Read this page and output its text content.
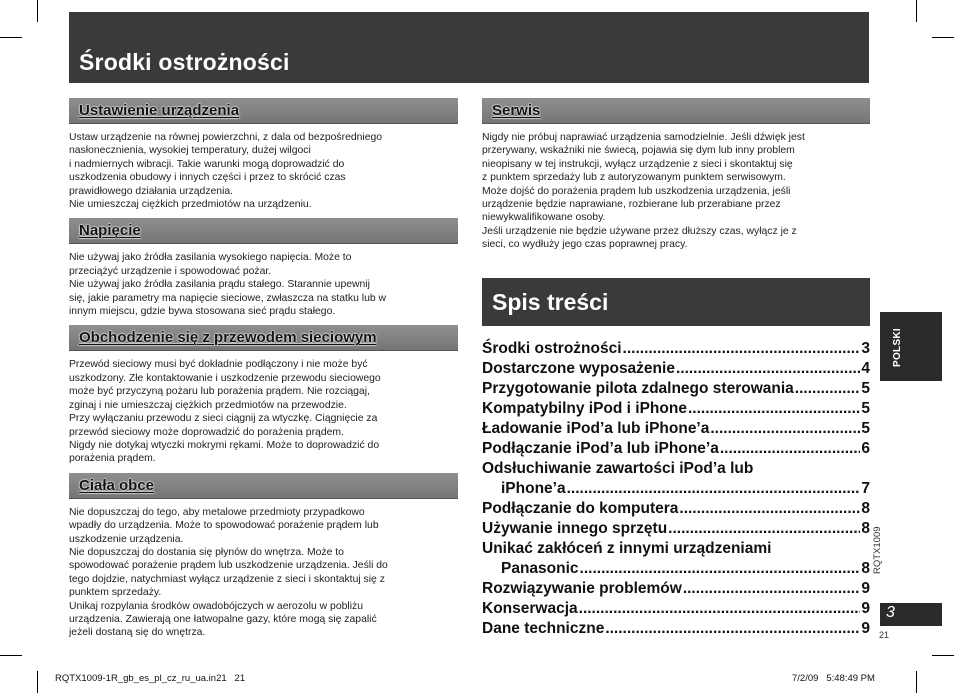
Środki ostrożności
Ustawienie urządzenia

Ustaw urządzenie na równej powierzchni, z dala od bezpośredniego
nasłonecznienia, wysokiej temperatury, dużej wilgoci
i nadmiernych wibracji. Takie warunki mogą doprowadzić do
uszkodzenia obudowy i innych części i przez to skrócić czas
prawidłowego działania urządzenia.
Nie umieszczaj ciężkich przedmiotów na urządzeniu.

Napięcie

Nie używaj jako źródła zasilania wysokiego napięcia. Może to
przeciążyć urządzenie i spowodować pożar.
Nie używaj jako źródła zasilania prądu stałego. Starannie upewnij
się, jakie parametry ma napięcie sieciowe, zwłaszcza na statku lub w
innym miejscu, gdzie bywa stosowana sieć prądu stałego.

Obchodzenie się z przewodem sieciowym

Przewód sieciowy musi być dokładnie podłączony i nie może być
uszkodzony. Złe kontaktowanie i uszkodzenie przewodu sieciowego
może być przyczyną pożaru lub porażenia prądem. Nie rozciągaj,
zginaj i nie umieszczaj ciężkich przedmiotów na przewodzie.
Przy wyłączaniu przewodu z sieci ciągnij za wtyczkę. Ciągnięcie za
przewód sieciowy może doprowadzić do porażenia prądem.
Nigdy nie dotykaj wtyczki mokrymi rękami. Może to doprowadzić do
porażenia prądem.

Ciała obce

Nie dopuszczaj do tego, aby metalowe przedmioty przypadkowo
wpadły do urządzenia. Może to spowodować porażenie prądem lub
uszkodzenie urządzenia.
Nie dopuszczaj do dostania się płynów do wnętrza. Może to
spowodować porażenie prądem lub uszkodzenie urządzenia. Jeśli do
tego dojdzie, natychmiast wyłącz urządzenie z sieci i skontaktuj się z
punktem sprzedaży.
Unikaj rozpylania środków owadobójczych w aerozolu w pobliżu
urządzenia. Zawierają one łatwopalne gazy, które mogą się zapalić
jeżeli dostaną się do wnętrza.

Serwis

Nigdy nie próbuj naprawiać urządzenia samodzielnie. Jeśli dźwięk jest
przerywany, wskaźniki nie świecą, pojawia się dym lub inny problem
nieopisany w tej instrukcji, wyłącz urządzenie z sieci i skontaktuj się
z punktem sprzedaży lub z autoryzowanym punktem serwisowym.
Może dojść do porażenia prądem lub uszkodzenia urządzenia, jeśli
urządzenie będzie naprawiane, rozbierane lub przerabiane przez
niewykwalifikowane osoby.
Jeśli urządzenie nie będzie używane przez dłuższy czas, wyłącz je z
sieci, co wydłuży jego czas poprawnej pracy.

Spis treści
Środki ostrożności .....	3
Dostarczone wyposażenie .....	4
Przygotowanie pilota zdalnego sterowania .....	5
Kompatybilny iPod i iPhone .....	5
Ładowanie iPod’a lub iPhone’a .....	5
Podłączanie iPod’a lub iPhone’a .....	6
Odsłuchiwanie zawartości iPod’a lub
iPhone’a .....	7
Podłączanie do komputera .....	8
Używanie innego sprzętu .....	8
Unikać zakłóceń z innymi urządzeniami
Panasonic .....	8
Rozwiązywanie problemów .....	9
Konserwacja .....	9
Dane techniczne .....	9
POLSKI
RQTX1009
3
21
RQTX1009-1R_gb_es_pl_cz_ru_ua.in21   21	7/2/09   5:48:49 PM
